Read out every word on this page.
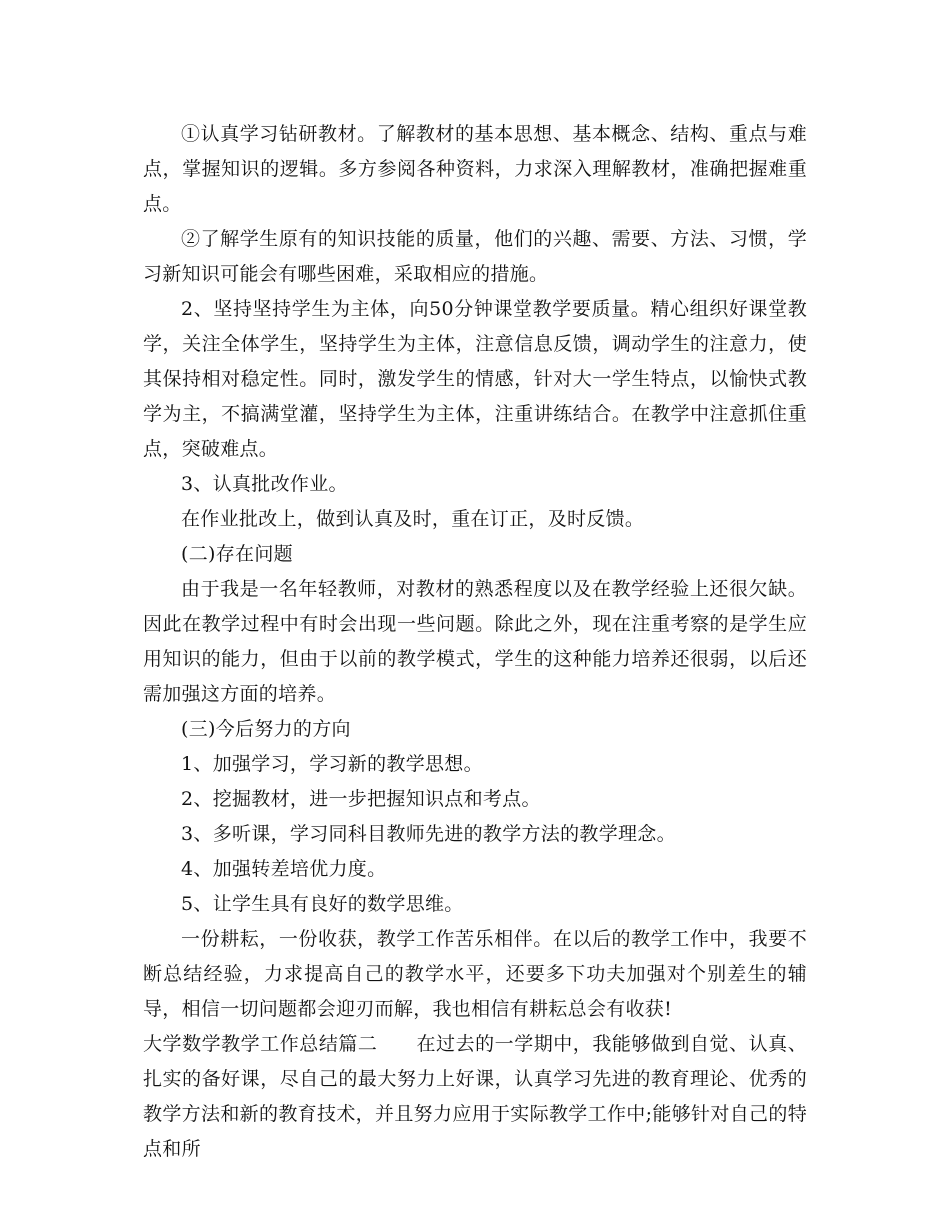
①认真学习钻研教材。了解教材的基本思想、基本概念、结构、重点与难点，掌握知识的逻辑。多方参阅各种资料，力求深入理解教材，准确把握难重点。

②了解学生原有的知识技能的质量，他们的兴趣、需要、方法、习惯，学习新知识可能会有哪些困难，采取相应的措施。

2、坚持坚持学生为主体，向50分钟课堂教学要质量。精心组织好课堂教学，关注全体学生，坚持学生为主体，注意信息反馈，调动学生的注意力，使其保持相对稳定性。同时，激发学生的情感，针对大一学生特点，以愉快式教学为主，不搞满堂灌，坚持学生为主体，注重讲练结合。在教学中注意抓住重点，突破难点。

3、认真批改作业。

在作业批改上，做到认真及时，重在订正，及时反馈。

(二)存在问题

由于我是一名年轻教师，对教材的熟悉程度以及在教学经验上还很欠缺。因此在教学过程中有时会出现一些问题。除此之外，现在注重考察的是学生应用知识的能力，但由于以前的教学模式，学生的这种能力培养还很弱，以后还需加强这方面的培养。

(三)今后努力的方向

1、加强学习，学习新的教学思想。

2、挖掘教材，进一步把握知识点和考点。

3、多听课，学习同科目教师先进的教学方法的教学理念。

4、加强转差培优力度。

5、让学生具有良好的数学思维。

一份耕耘，一份收获，教学工作苦乐相伴。在以后的教学工作中，我要不断总结经验，力求提高自己的教学水平，还要多下功夫加强对个别差生的辅导，相信一切问题都会迎刃而解，我也相信有耕耘总会有收获!

大学数学教学工作总结篇二　　在过去的一学期中，我能够做到自觉、认真、扎实的备好课，尽自己的最大努力上好课，认真学习先进的教育理论、优秀的教学方法和新的教育技术，并且努力应用于实际教学工作中;能够针对自己的特点和所
